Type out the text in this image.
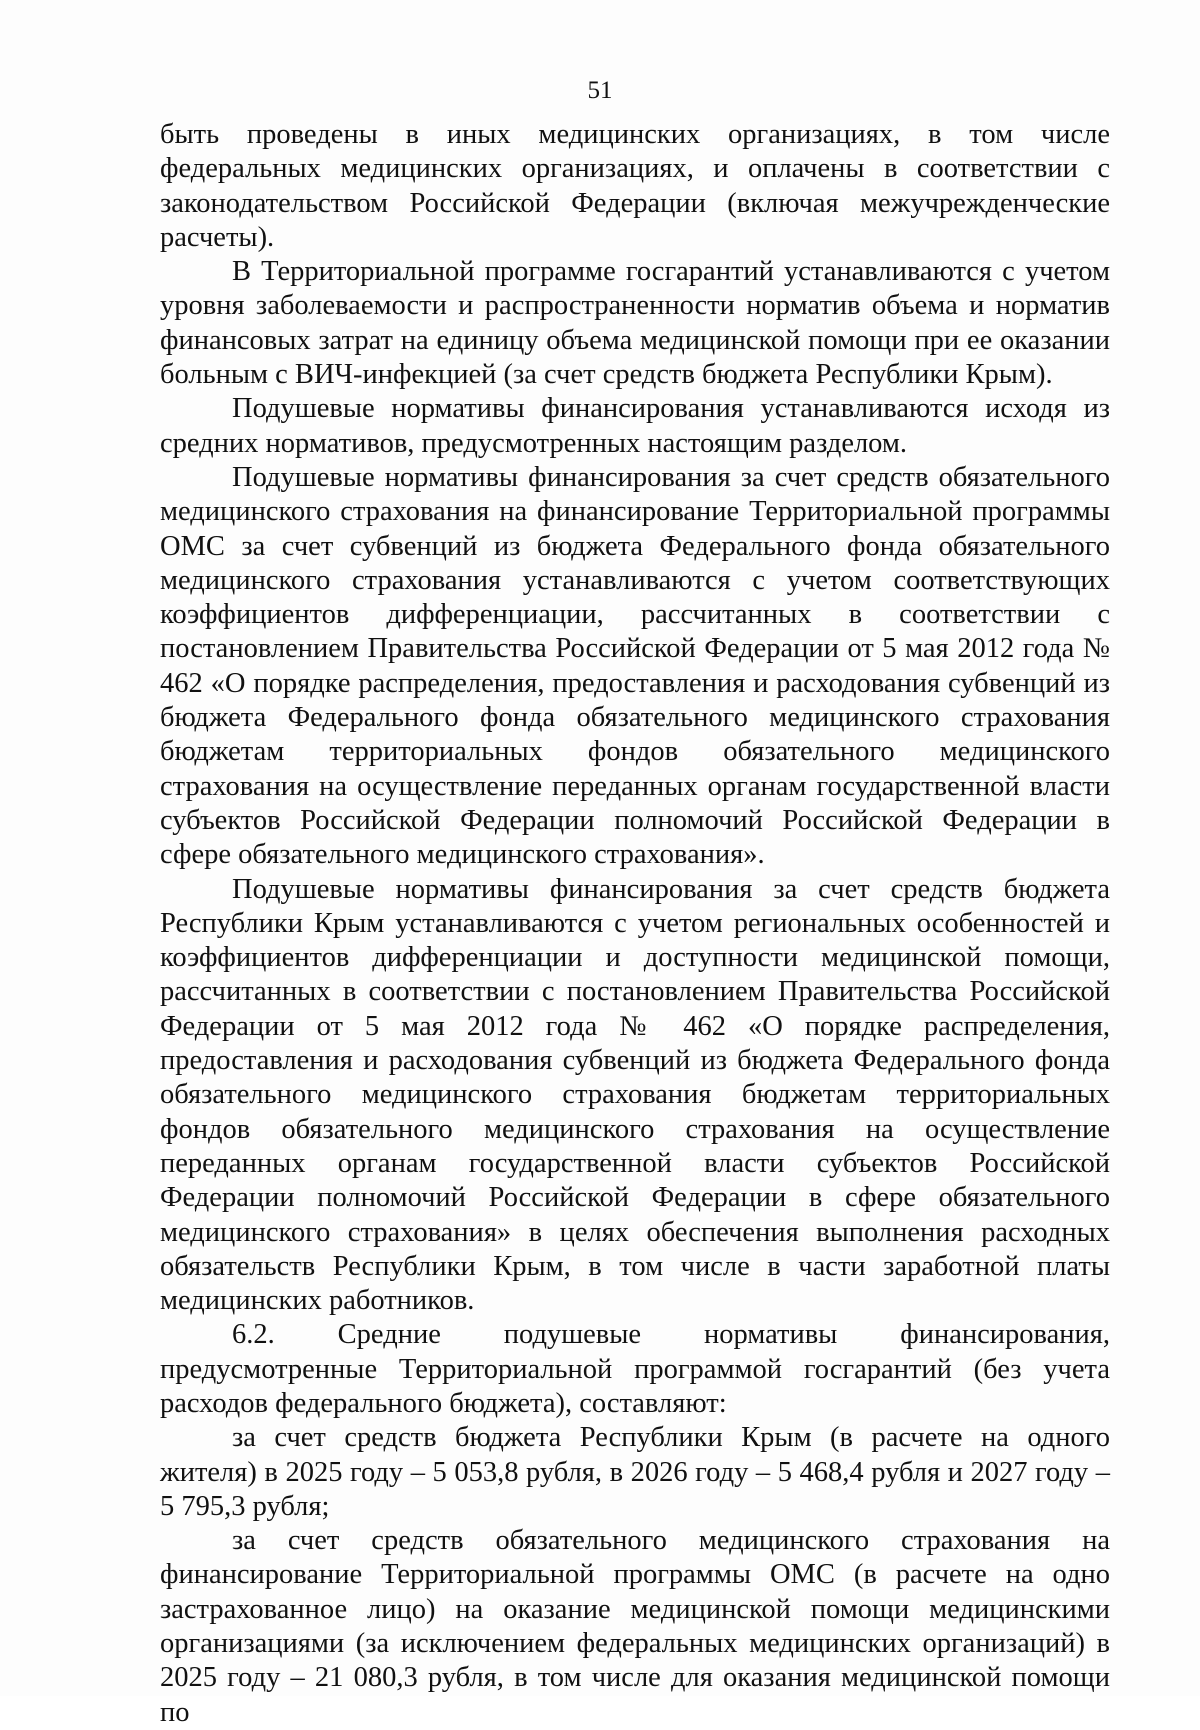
51

быть проведены в иных медицинских организациях, в том числе федеральных медицинских организациях, и оплачены в соответствии с законодательством Российской Федерации (включая межучрежденческие расчеты).

В Территориальной программе госгарантий устанавливаются с учетом уровня заболеваемости и распространенности норматив объема и норматив финансовых затрат на единицу объема медицинской помощи при ее оказании больным с ВИЧ-инфекцией (за счет средств бюджета Республики Крым).

Подушевые нормативы финансирования устанавливаются исходя из средних нормативов, предусмотренных настоящим разделом.

Подушевые нормативы финансирования за счет средств обязательного медицинского страхования на финансирование Территориальной программы ОМС за счет субвенций из бюджета Федерального фонда обязательного медицинского страхования устанавливаются с учетом соответствующих коэффициентов дифференциации, рассчитанных в соответствии с постановлением Правительства Российской Федерации от 5 мая 2012 года № 462 «О порядке распределения, предоставления и расходования субвенций из бюджета Федерального фонда обязательного медицинского страхования бюджетам территориальных фондов обязательного медицинского страхования на осуществление переданных органам государственной власти субъектов Российской Федерации полномочий Российской Федерации в сфере обязательного медицинского страхования».

Подушевые нормативы финансирования за счет средств бюджета Республики Крым устанавливаются с учетом региональных особенностей и коэффициентов дифференциации и доступности медицинской помощи, рассчитанных в соответствии с постановлением Правительства Российской Федерации от 5 мая 2012 года № 462 «О порядке распределения, предоставления и расходования субвенций из бюджета Федерального фонда обязательного медицинского страхования бюджетам территориальных фондов обязательного медицинского страхования на осуществление переданных органам государственной власти субъектов Российской Федерации полномочий Российской Федерации в сфере обязательного медицинского страхования» в целях обеспечения выполнения расходных обязательств Республики Крым, в том числе в части заработной платы медицинских работников.

6.2. Средние подушевые нормативы финансирования, предусмотренные Территориальной программой госгарантий (без учета расходов федерального бюджета), составляют:

за счет средств бюджета Республики Крым (в расчете на одного жителя) в 2025 году – 5 053,8 рубля, в 2026 году – 5 468,4 рубля и 2027 году – 5 795,3 рубля;

за счет средств обязательного медицинского страхования на финансирование Территориальной программы ОМС (в расчете на одно застрахованное лицо) на оказание медицинской помощи медицинскими организациями (за исключением федеральных медицинских организаций) в 2025 году – 21 080,3 рубля, в том числе для оказания медицинской помощи по
